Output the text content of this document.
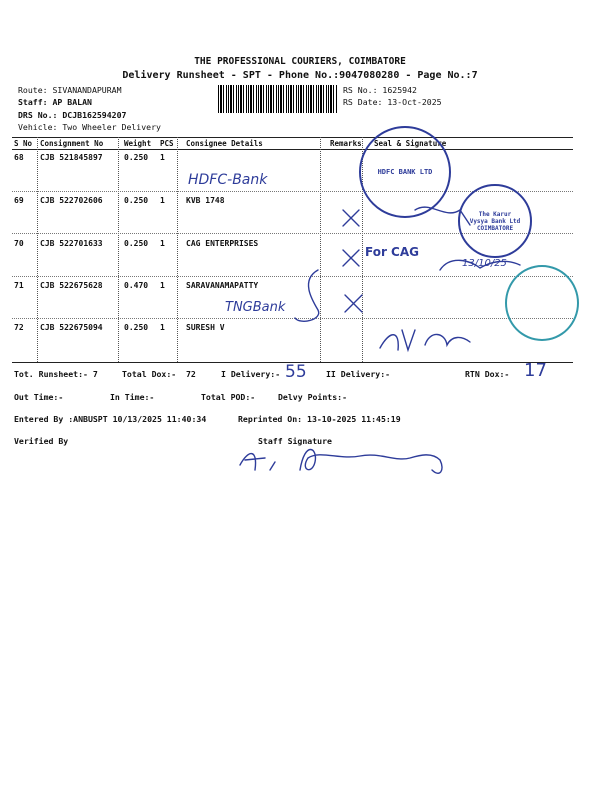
THE PROFESSIONAL COURIERS, COIMBATORE
Delivery Runsheet - SPT - Phone No.:9047080280 - Page No.:7
Route: SIVANANDAPURAM
Staff: AP BALAN
DRS No.: DCJB162594207
Vehicle: Two Wheeler Delivery
RS No.: 1625942
RS Date: 13-Oct-2025
S No	Consignment No	Weight	PCS	Consignee Details	Remarks	Seal & Signature
68	CJB 521845897	0.250	1			
69	CJB 522702606	0.250	1	KVB 1748		
70	CJB 522701633	0.250	1	CAG ENTERPRISES		
71	CJB 522675628	0.470	1	SARAVANAMAPATTY		
72	CJB 522675094	0.250	1	SURESH V		
HDFC BANK LTD
The Karur Vysya Bank Ltd COIMBATORE
HDFC-Bank
For CAG
13/10/25
TNGBank
Tot. Runsheet:- 7	Total Dox:- 72	I Delivery:- 55 II Delivery:-	RTN Dox:- 17
Out Time:-	In Time:-	Total POD:-	Delvy Points:-
Entered By :ANBUSPT 10/13/2025 11:40:34	Reprinted On: 13-10-2025 11:45:19
Verified By	Staff Signature
